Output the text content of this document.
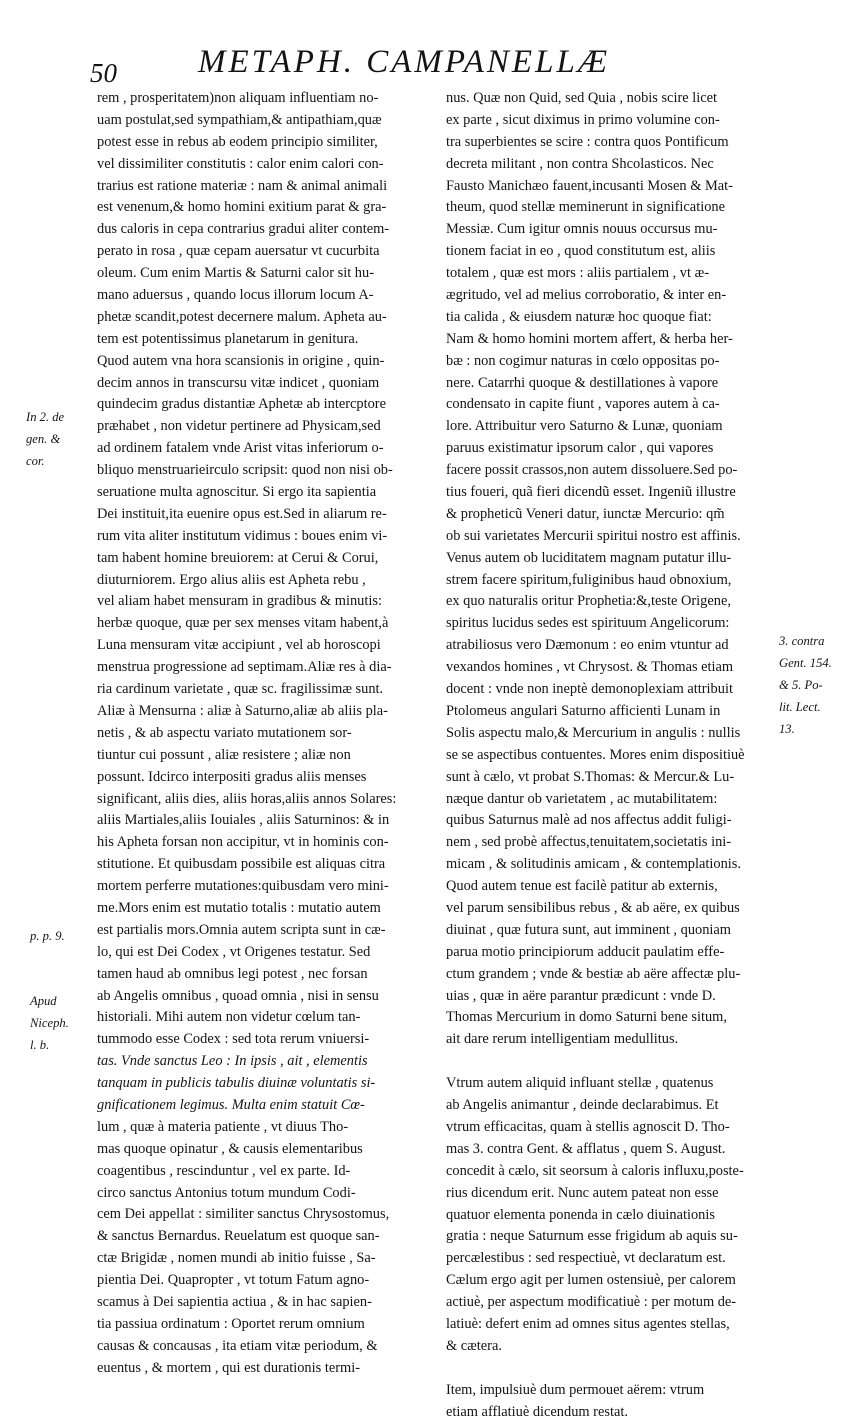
50 METAPH. CAMPANELLÆ
rem , prosperitatem)non aliquam influentiam no-
uam postulat,sed sympathiam,& antipathiam,quæ
potest esse in rebus ab eodem principio similiter,
vel dissimiliter constitutis : calor enim calori con-
trarius est ratione materiæ : nam & animal animali
est venenum,& homo homini exitium parat & gra-
dus caloris in cepa contrarius gradui aliter contem-
perato in rosa , quæ cepam auersatur vt cucurbita
oleum. Cum enim Martis & Saturni calor sit hu-
mano aduersus , quando locus illorum locum A-
phetæ scandit,potest decernere malum. Apheta au-
tem est potentissimus planetarum in genitura.
Quod autem vna hora scansionis in origine , quin-
decim annos in transcursu vitæ indicet , quoniam
quindecim gradus distantiæ Aphetæ ab intercptore
præhabet , non videtur pertinere ad Physicam,sed
ad ordinem fatalem vnde Arist vitas inferiorum o-
bliquo menstruarieirculo scripsit: quod non nisi ob-
seruatione multa agnoscitur. Si ergo ita sapientia
Dei instituit,ita euenire opus est.Sed in aliarum re-
rum vita aliter institutum vidimus : boues enim vi-
tam habent homine breuiorem: at Cerui & Corui,
diuturniorem. Ergo alius aliis est Apheta rebu ,
vel aliam habet mensuram in gradibus & minutis:
herbæ quoque, quæ per sex menses vitam habent,à
Luna mensuram vitæ accipiunt , vel ab horoscopi
menstrua progressione ad septimam.Aliæ res à dia-
ria cardinum varietate , quæ sc. fragilissimæ sunt.
Aliæ à Mensurna : aliæ à Saturno,aliæ ab aliis pla-
netis , & ab aspectu variato mutationem sor-
tiuntur cui possunt , aliæ resistere ; aliæ non
possunt. Idcirco interpositi gradus aliis menses
significant, aliis dies, aliis horas,aliis annos Solares:
aliis Martiales,aliis Iouiales , aliis Saturninos: & in
his Apheta forsan non accipitur, vt in hominis con-
stitutione. Et quibusdam possibile est aliquas citra
mortem perferre mutationes:quibusdam vero mini-
me.Mors enim est mutatio totalis : mutatio autem
est partialis mors.Omnia autem scripta sunt in cæ-
lo, qui est Dei Codex , vt Origenes testatur. Sed
tamen haud ab omnibus legi potest , nec forsan
ab Angelis omnibus , quoad omnia , nisi in sensu
historiali. Mihi autem non videtur cœlum tan-
tummodo esse Codex : sed tota rerum vniuersi-
tas. Vnde sanctus Leo : In ipsis , ait , elementis
tanquam in publicis tabulis diuinæ voluntatis si-
gnificationem legimus. Multa enim statuit Cœ-
lum , quæ à materia patiente , vt diuus Tho-
mas quoque opinatur , & causis elementaribus
coagentibus , rescinduntur , vel ex parte. Id-
circo sanctus Antonius totum mundum Codi-
cem Dei appellat : similiter sanctus Chrysostomus,
& sanctus Bernardus. Reuelatum est quoque san-
ctæ Brigidæ , nomen mundi ab initio fuisse , Sa-
pientia Dei. Quapropter , vt totum Fatum agno-
scamus à Dei sapientia actiua , & in hac sapien-
tia passiua ordinatum : Oportet rerum omnium
causas & concausas , ita etiam vitæ periodum, &
euentus , & mortem , qui est durationis termi-
nus. Quæ non Quid, sed Quia , nobis scire licet
ex parte , sicut diximus in primo volumine con-
tra superbientes se scire : contra quos Pontificum
decreta militant , non contra Shcolasticos. Nec
Fausto Manichæo fauent,incusanti Mosen & Mat-
theum, quod stellæ meminerunt in significatione
Messiæ. Cum igitur omnis nouus occursus mu-
tionem faciat in eo , quod constitutum est, aliis
totalem , quæ est mors : aliis partialem , vt æ-
ægritudo, vel ad melius corroboratio, & inter en-
tia calida , & eiusdem naturæ hoc quoque fiat:
Nam & homo homini mortem affert, & herba her-
bæ : non cogimur naturas in cœlo oppositas po-
nere. Catarrhi quoque & destillationes à vapore
condensato in capite fiunt , vapores autem à ca-
lore. Attribuitur vero Saturno & Lunæ, quoniam
paruus existimatur ipsorum calor , qui vapores
facere possit crassos,non autem dissoluere.Sed po-
tius foueri, quã fieri dicendũ esset. Ingeniũ illustre
& propheticũ Veneri datur, iunctæ Mercurio: qm̃
ob sui varietates Mercurii spiritui nostro est affinis.
Venus autem ob luciditatem magnam putatur illu-
strem facere spiritum,fuliginibus haud obnoxium,
ex quo naturalis oritur Prophetia:&,teste Origene,
spiritus lucidus sedes est spirituum Angelicorum:
atrabiliosus vero Dæmonum : eo enim vtuntur ad
vexandos homines , vt Chrysost. & Thomas etiam
docent : vnde non ineptè demonoplexiam attribuit
Ptolomeus angulari Saturno afficienti Lunam in
Solis aspectu malo,& Mercurium in angulis : nullis
se se aspectibus contuentes. Mores enim dispositiuè
sunt à cælo, vt probat S.Thomas: & Mercur.& Lu-
næque dantur ob varietatem , ac mutabilitatem:
quibus Saturnus malè ad nos affectus addit fuligi-
nem , sed probè affectus,tenuitatem,societatis ini-
micam , & solitudinis amicam , & contemplationis.
Quod autem tenue est facilè patitur ab externis,
vel parum sensibilibus rebus , & ab aëre, ex quibus
diuinat , quæ futura sunt, aut imminent , quoniam
parua motio principiorum adducit paulatim effe-
ctum grandem ; vnde & bestiæ ab aëre affectæ plu-
uias , quæ in aëre parantur prædicunt : vnde D.
Thomas Mercurium in domo Saturni bene situm,
ait dare rerum intelligentiam medullitus.
Vtrum autem aliquid influant stellæ , quatenus
ab Angelis animantur , deinde declarabimus. Et
vtrum efficacitas, quam à stellis agnoscit D. Tho-
mas 3. contra Gent. & afflatus , quem S. August.
concedit à cælo, sit seorsum à caloris influxu,poste-
rius dicendum erit. Nunc autem pateat non esse
quatuor elementa ponenda in cælo diuinationis
gratia : neque Saturnum esse frigidum ab aquis su-
percælestibus : sed respectiuè, vt declaratum est.
Cælum ergo agit per lumen ostensiuè, per calorem
actiuè, per aspectum modificatiuè : per motum de-
latiuè: defert enim ad omnes situs agentes stellas,
& cætera.
Item, impulsiuè dum permouet aërem: vtrum
etiam afflatiuè dicendum restat.
In 2. de
gen. &
cor.
p. p. 9.
Apud
Niceph.
l. b.
3. contra
Gent. 154.
& 5. Po-
lit. Lect.
13.
